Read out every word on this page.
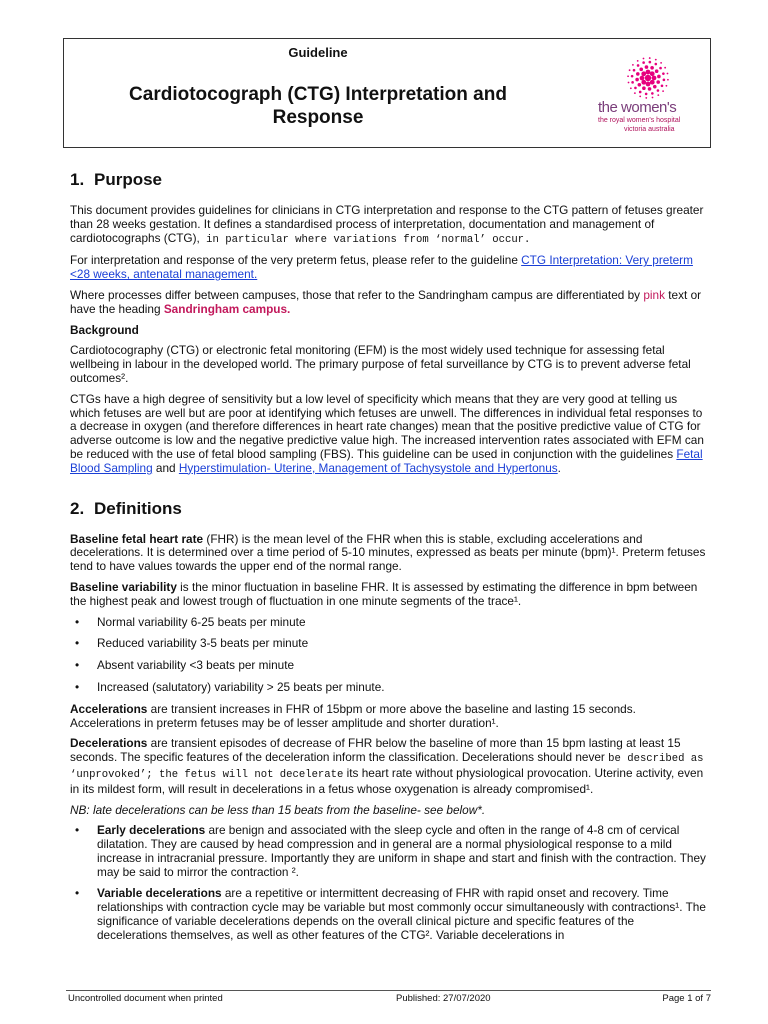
Guideline
Cardiotocograph (CTG) Interpretation and
Response	the women's
the royal women's hospital
victoria australia
1. Purpose

This document provides guidelines for clinicians in CTG interpretation and response to the CTG pattern of fetuses greater than 28 weeks gestation. It defines a standardised process of interpretation, documentation and management of cardiotocographs (CTG), in particular where variations from ‘normal’ occur.

For interpretation and response of the very preterm fetus, please refer to the guideline CTG Interpretation: Very preterm <28 weeks, antenatal management.

Where processes differ between campuses, those that refer to the Sandringham campus are differentiated by pink text or have the heading Sandringham campus.

Background

Cardiotocography (CTG) or electronic fetal monitoring (EFM) is the most widely used technique for assessing fetal wellbeing in labour in the developed world. The primary purpose of fetal surveillance by CTG is to prevent adverse fetal outcomes².

CTGs have a high degree of sensitivity but a low level of specificity which means that they are very good at telling us which fetuses are well but are poor at identifying which fetuses are unwell. The differences in individual fetal responses to a decrease in oxygen (and therefore differences in heart rate changes) mean that the positive predictive value of CTG for adverse outcome is low and the negative predictive value high. The increased intervention rates associated with EFM can be reduced with the use of fetal blood sampling (FBS). This guideline can be used in conjunction with the guidelines Fetal Blood Sampling and Hyperstimulation- Uterine, Management of Tachysystole and Hypertonus.

2. Definitions

Baseline fetal heart rate (FHR) is the mean level of the FHR when this is stable, excluding accelerations and decelerations. It is determined over a time period of 5-10 minutes, expressed as beats per minute (bpm)¹. Preterm fetuses tend to have values towards the upper end of the normal range.

Baseline variability is the minor fluctuation in baseline FHR. It is assessed by estimating the difference in bpm between the highest peak and lowest trough of fluctuation in one minute segments of the trace¹.

• Normal variability 6-25 beats per minute
• Reduced variability 3-5 beats per minute
• Absent variability <3 beats per minute
• Increased (salutatory) variability > 25 beats per minute.

Accelerations are transient increases in FHR of 15bpm or more above the baseline and lasting 15 seconds. Accelerations in preterm fetuses may be of lesser amplitude and shorter duration¹.

Decelerations are transient episodes of decrease of FHR below the baseline of more than 15 bpm lasting at least 15 seconds. The specific features of the deceleration inform the classification. Decelerations should never be described as ‘unprovoked’; the fetus will not decelerate its heart rate without physiological provocation. Uterine activity, even in its mildest form, will result in decelerations in a fetus whose oxygenation is already compromised¹.

NB: late decelerations can be less than 15 beats from the baseline- see below*.

• Early decelerations are benign and associated with the sleep cycle and often in the range of 4-8 cm of cervical dilatation. They are caused by head compression and in general are a normal physiological response to a mild increase in intracranial pressure. Importantly they are uniform in shape and start and finish with the contraction. They may be said to mirror the contraction ².
• Variable decelerations are a repetitive or intermittent decreasing of FHR with rapid onset and recovery. Time relationships with contraction cycle may be variable but most commonly occur simultaneously with contractions¹. The significance of variable decelerations depends on the overall clinical picture and specific features of the decelerations themselves, as well as other features of the CTG². Variable decelerations in
Uncontrolled document when printed	Published: 27/07/2020	Page 1 of 7
